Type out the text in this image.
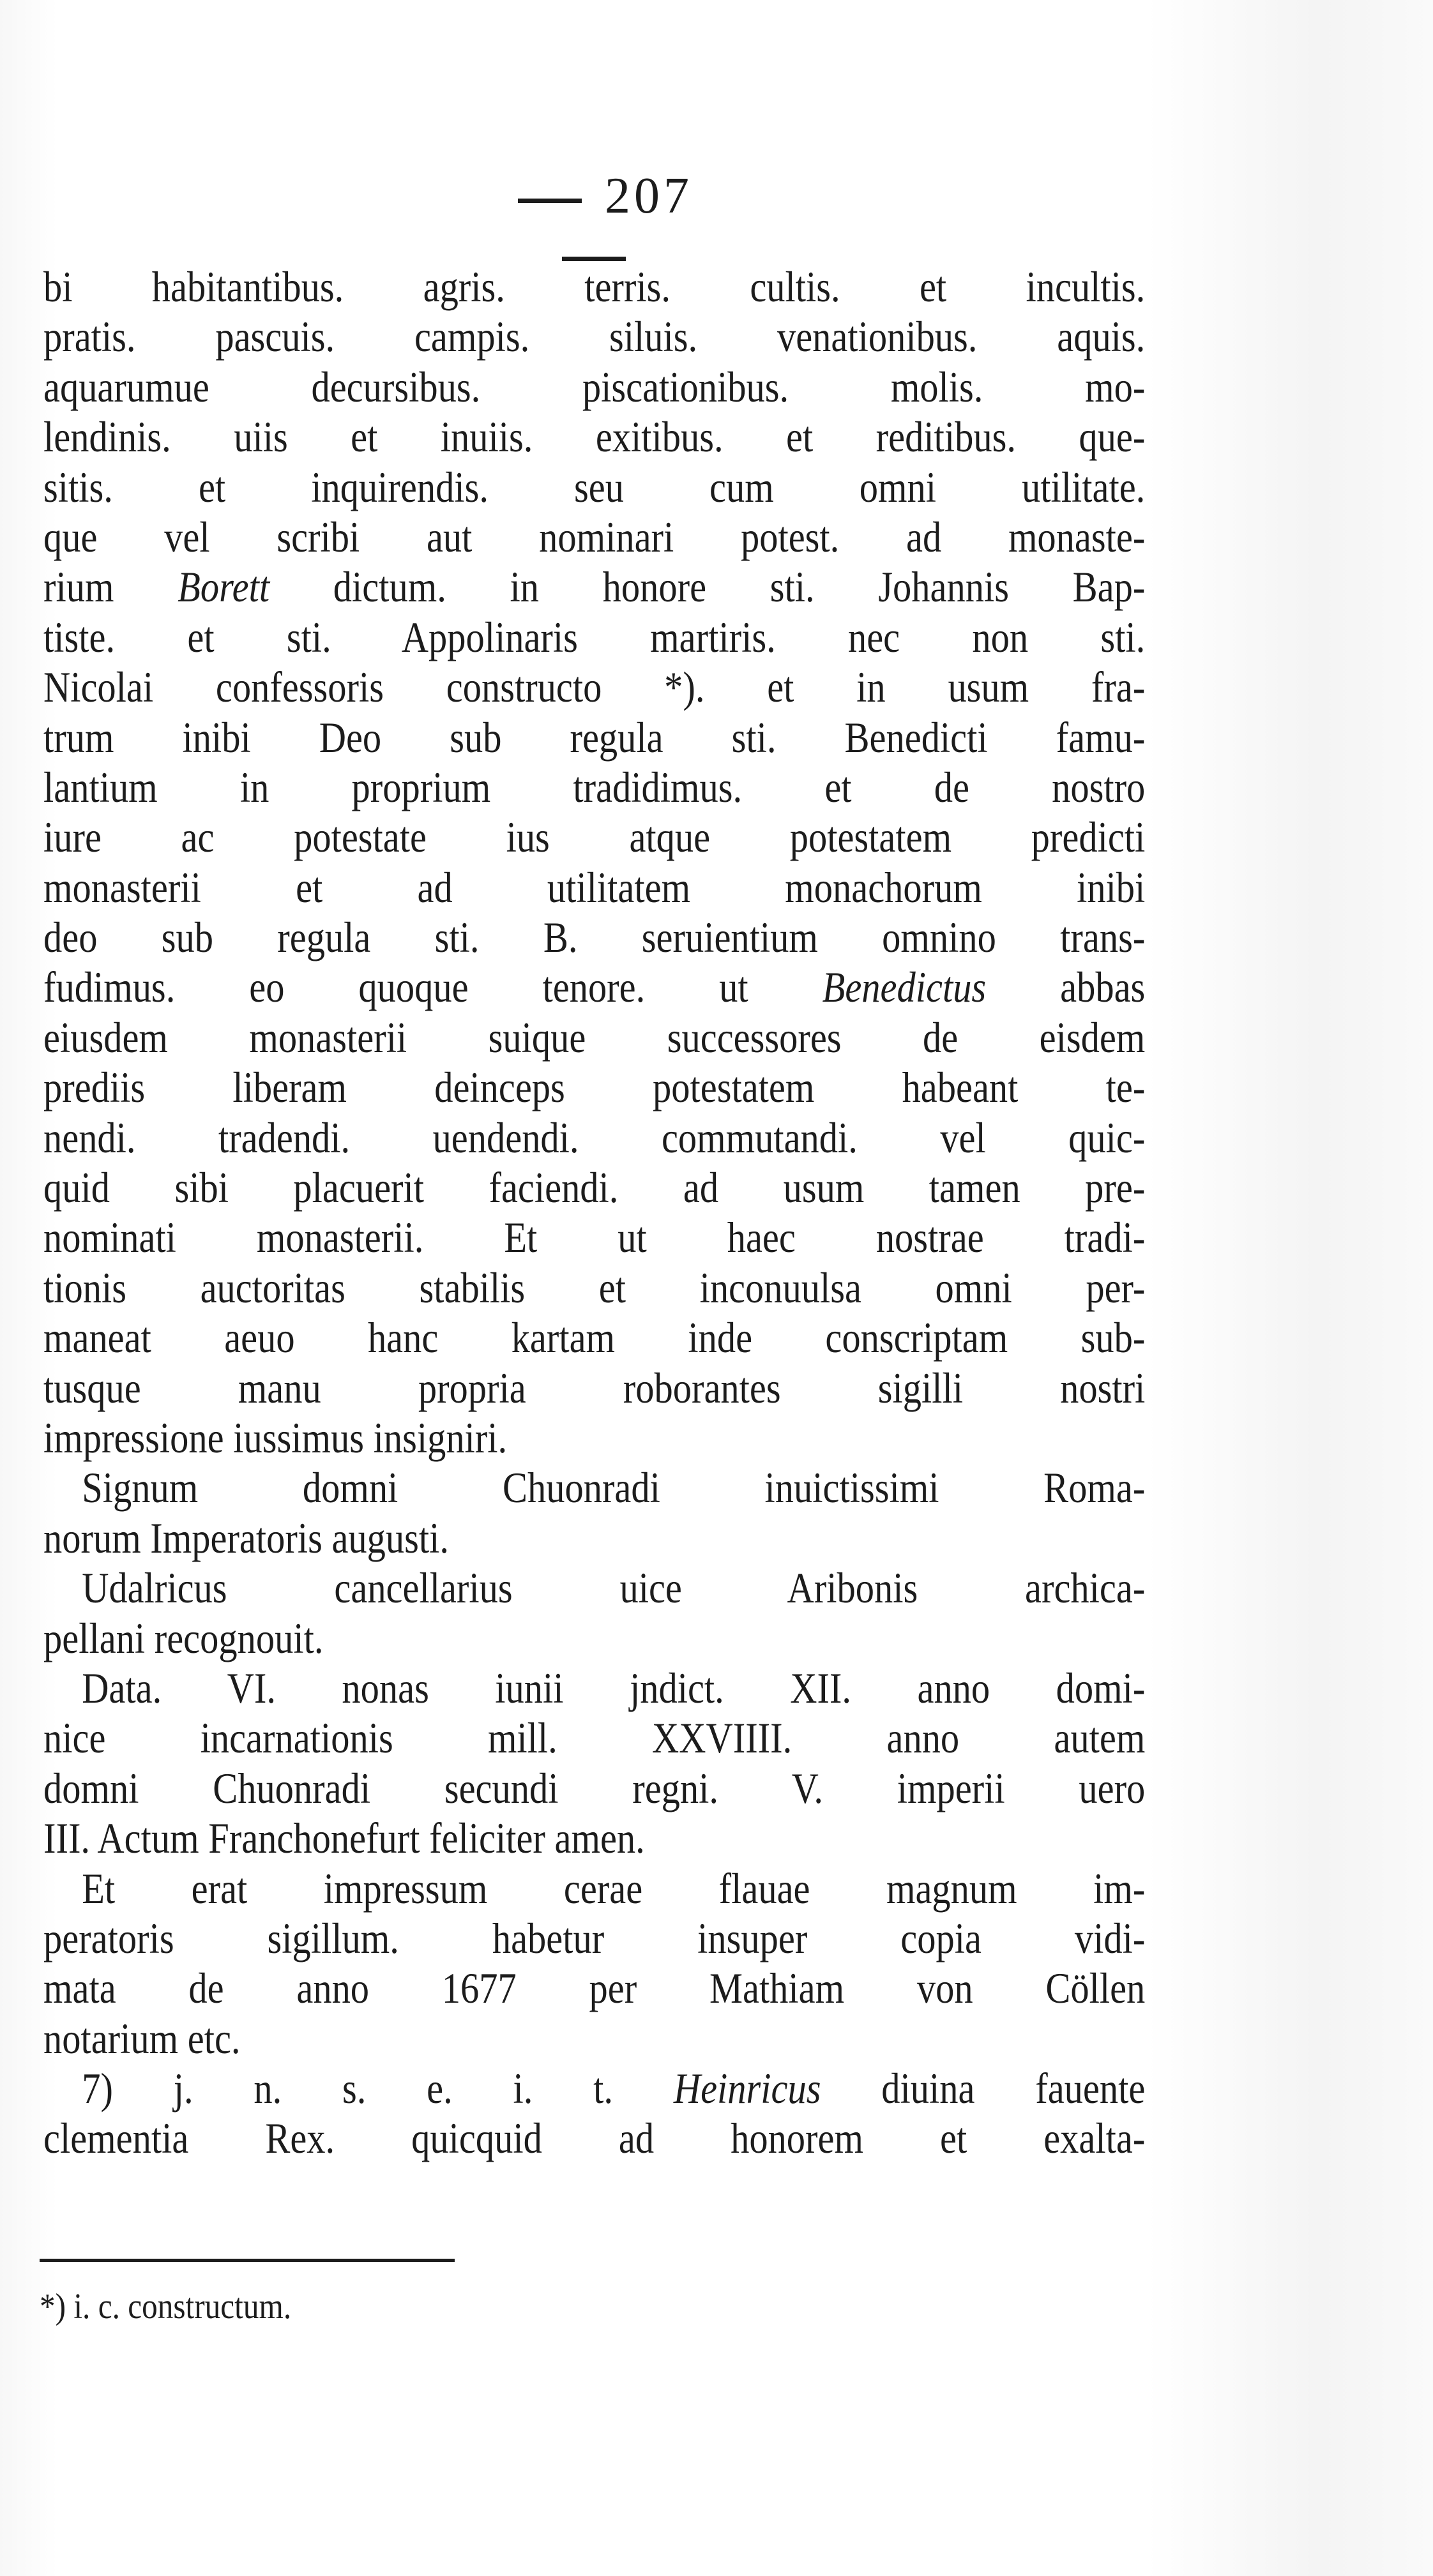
207
bi habitantibus. agris. terris. cultis. et incultis.
pratis. pascuis. campis. siluis. venationibus. aquis.
aquarumue decursibus. piscationibus. molis. mo-
lendinis. uiis et inuiis. exitibus. et reditibus. que-
sitis. et inquirendis. seu cum omni utilitate.
que vel scribi aut nominari potest. ad monaste-
rium Borett dictum. in honore sti. Johannis Bap-
tiste. et sti. Appolinaris martiris. nec non sti.
Nicolai confessoris constructo *). et in usum fra-
trum inibi Deo sub regula sti. Benedicti famu-
lantium in proprium tradidimus. et de nostro
iure ac potestate ius atque potestatem predicti
monasterii et ad utilitatem monachorum inibi
deo sub regula sti. B. seruientium omnino trans-
fudimus. eo quoque tenore. ut Benedictus abbas
eiusdem monasterii suique successores de eisdem
prediis liberam deinceps potestatem habeant te-
nendi. tradendi. uendendi. commutandi. vel quic-
quid sibi placuerit faciendi. ad usum tamen pre-
nominati monasterii. Et ut haec nostrae tradi-
tionis auctoritas stabilis et inconuulsa omni per-
maneat aeuo hanc kartam inde conscriptam sub-
tusque manu propria roborantes sigilli nostri
impressione iussimus insigniri.
Signum domni Chuonradi inuictissimi Roma-
norum Imperatoris augusti.
Udalricus cancellarius uice Aribonis archica-
pellani recognouit.
Data. VI. nonas iunii jndict. XII. anno domi-
nice incarnationis mill. XXVIIII. anno autem
domni Chuonradi secundi regni. V. imperii uero
III. Actum Franchonefurt feliciter amen.
Et erat impressum cerae flauae magnum im-
peratoris sigillum. habetur insuper copia vidi-
mata de anno 1677 per Mathiam von Cöllen
notarium etc.
7) j. n. s. e. i. t. Heinricus diuina fauente
clementia Rex. quicquid ad honorem et exalta-
*) i. c. constructum.
